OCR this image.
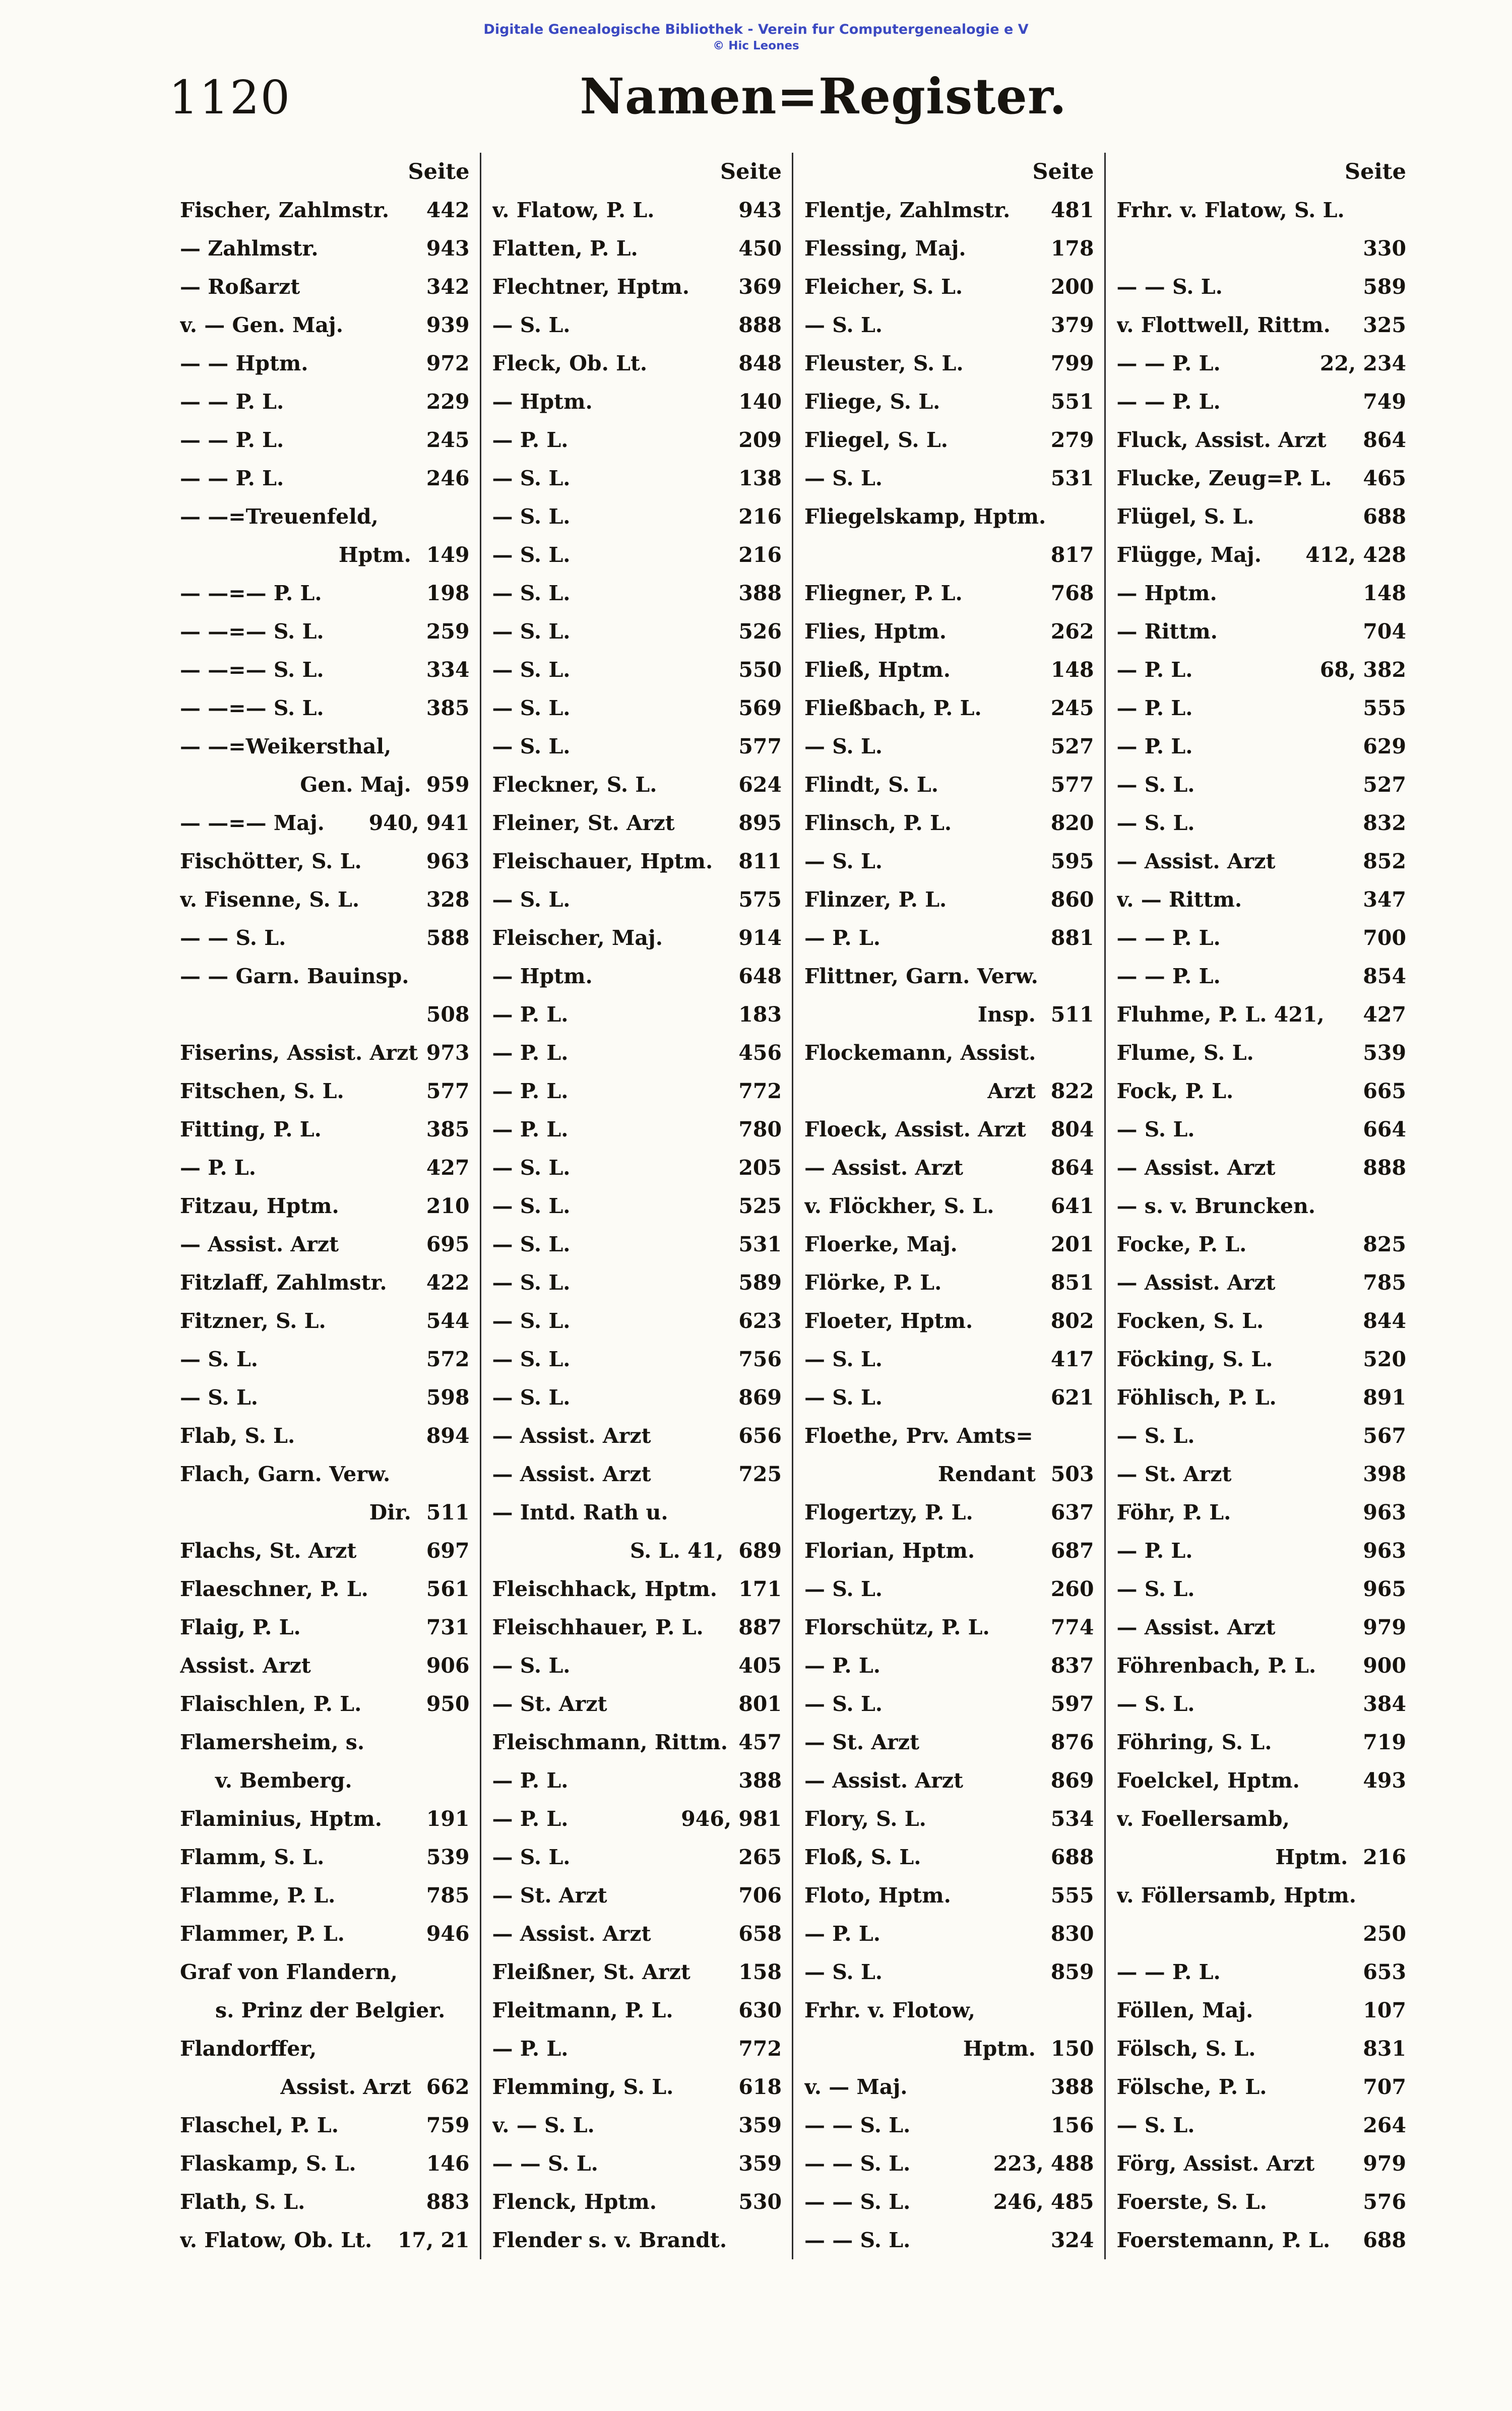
Digitale Genealogische Bibliothek - Verein fur Computergenealogie e V
© Hic Leones
1120	Namen=Register.
Seite
Fischer, Zahlmstr.	442
— Zahlmstr.	943
— Roßarzt	342
v. — Gen. Maj.	939
— — Hptm.	972
— — P. L.	229
— — P. L.	245
— — P. L.	246
— —=Treuenfeld,
Hptm. 149
— —=— P. L.	198
— —=— S. L.	259
— —=— S. L.	334
— —=— S. L.	385
— —=Weikersthal,
Gen. Maj. 959
— —=— Maj.	940, 941
Fischötter, S. L.	963
v. Fisenne, S. L.	328
— — S. L.	588
— — Garn. Bauinsp.
508
Fiserins, Assist. Arzt 973
Fitschen, S. L.	577
Fitting, P. L.	385
— P. L.	427
Fitzau, Hptm.	210
— Assist. Arzt	695
Fitzlaff, Zahlmstr.	422
Fitzner, S. L.	544
— S. L.	572
— S. L.	598
Flab, S. L.	894
Flach, Garn. Verw.
Dir. 511
Flachs, St. Arzt	697
Flaeschner, P. L.	561
Flaig, P. L.	731
Assist. Arzt	906
Flaischlen, P. L.	950
Flamersheim, s.
v. Bemberg.
Flaminius, Hptm.	191
Flamm, S. L.	539
Flamme, P. L.	785
Flammer, P. L.	946
Graf von Flandern,
s. Prinz der Belgier.
Flandorffer,
Assist. Arzt 662
Flaschel, P. L.	759
Flaskamp, S. L.	146
Flath, S. L.	883
v. Flatow, Ob. Lt.	17, 21
Seite
v. Flatow, P. L.	943
Flatten, P. L.	450
Flechtner, Hptm.	369
— S. L.	888
Fleck, Ob. Lt.	848
— Hptm.	140
— P. L.	209
— S. L.	138
— S. L.	216
— S. L.	216
— S. L.	388
— S. L.	526
— S. L.	550
— S. L.	569
— S. L.	577
Fleckner, S. L.	624
Fleiner, St. Arzt	895
Fleischauer, Hptm.	811
— S. L.	575
Fleischer, Maj.	914
— Hptm.	648
— P. L.	183
— P. L.	456
— P. L.	772
— P. L.	780
— S. L.	205
— S. L.	525
— S. L.	531
— S. L.	589
— S. L.	623
— S. L.	756
— S. L.	869
— Assist. Arzt	656
— Assist. Arzt	725
— Intd. Rath u.
S. L. 41, 689
Fleischhack, Hptm.	171
Fleischhauer, P. L.	887
— S. L.	405
— St. Arzt	801
Fleischmann, Rittm. 457
— P. L.	388
— P. L.	946, 981
— S. L.	265
— St. Arzt	706
— Assist. Arzt	658
Fleißner, St. Arzt	158
Fleitmann, P. L.	630
— P. L.	772
Flemming, S. L.	618
v. — S. L.	359
— — S. L.	359
Flenck, Hptm.	530
Flender s. v. Brandt.
Seite
Flentje, Zahlmstr.	481
Flessing, Maj.	178
Fleicher, S. L.	200
— S. L.	379
Fleuster, S. L.	799
Fliege, S. L.	551
Fliegel, S. L.	279
— S. L.	531
Fliegelskamp, Hptm.
817
Fliegner, P. L.	768
Flies, Hptm.	262
Fließ, Hptm.	148
Fließbach, P. L.	245
— S. L.	527
Flindt, S. L.	577
Flinsch, P. L.	820
— S. L.	595
Flinzer, P. L.	860
— P. L.	881
Flittner, Garn. Verw.
Insp. 511
Flockemann, Assist.
Arzt 822
Floeck, Assist. Arzt	804
— Assist. Arzt	864
v. Flöckher, S. L.	641
Floerke, Maj.	201
Flörke, P. L.	851
Floeter, Hptm.	802
— S. L.	417
— S. L.	621
Floethe, Prv. Amts=
Rendant 503
Flogertzy, P. L.	637
Florian, Hptm.	687
— S. L.	260
Florschütz, P. L.	774
— P. L.	837
— S. L.	597
— St. Arzt	876
— Assist. Arzt	869
Flory, S. L.	534
Floß, S. L.	688
Floto, Hptm.	555
— P. L.	830
— S. L.	859
Frhr. v. Flotow,
Hptm. 150
v. — Maj.	388
— — S. L.	156
— — S. L.	223, 488
— — S. L.	246, 485
— — S. L.	324
Seite
Frhr. v. Flatow, S. L.
330
— — S. L.	589
v. Flottwell, Rittm.	325
— — P. L.	22, 234
— — P. L.	749
Fluck, Assist. Arzt	864
Flucke, Zeug=P. L.	465
Flügel, S. L.	688
Flügge, Maj.	412, 428
— Hptm.	148
— Rittm.	704
— P. L.	68, 382
— P. L.	555
— P. L.	629
— S. L.	527
— S. L.	832
— Assist. Arzt	852
v. — Rittm.	347
— — P. L.	700
— — P. L.	854
Fluhme, P. L. 421,	427
Flume, S. L.	539
Fock, P. L.	665
— S. L.	664
— Assist. Arzt	888
— s. v. Bruncken.
Focke, P. L.	825
— Assist. Arzt	785
Focken, S. L.	844
Föcking, S. L.	520
Föhlisch, P. L.	891
— S. L.	567
— St. Arzt	398
Föhr, P. L.	963
— P. L.	963
— S. L.	965
— Assist. Arzt	979
Föhrenbach, P. L.	900
— S. L.	384
Föhring, S. L.	719
Foelckel, Hptm.	493
v. Foellersamb,
Hptm. 216
v. Föllersamb, Hptm.
250
— — P. L.	653
Föllen, Maj.	107
Fölsch, S. L.	831
Fölsche, P. L.	707
— S. L.	264
Förg, Assist. Arzt	979
Foerste, S. L.	576
Foerstemann, P. L.	688
